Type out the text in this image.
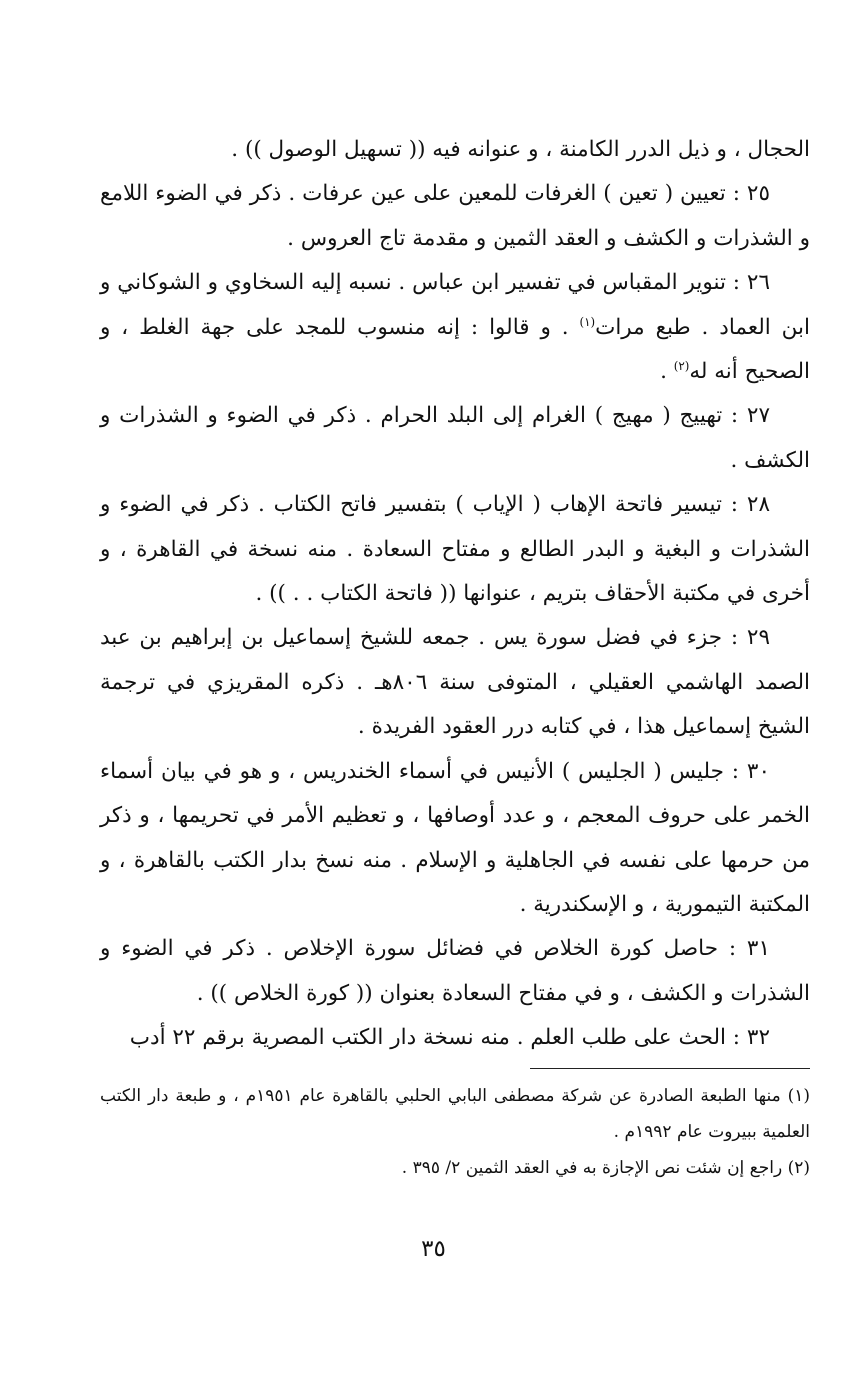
الحجال ، و ذيل الدرر الكامنة ، و عنوانه فيه (( تسهيل الوصول )) .

٢٥ : تعيين ( تعين ) الغرفات للمعين على عين عرفات . ذكر في الضوء اللامع و الشذرات و الكشف و العقد الثمين و مقدمة تاج العروس .

٢٦ : تنوير المقباس في تفسير ابن عباس . نسبه إليه السخاوي و الشوكاني و ابن العماد . طبع مرات$^{(١)}$ . و قالوا : إنه منسوب للمجد على جهة الغلط ، و الصحيح أنه له$^{(٢)}$ .

٢٧ : تهييج ( مهيج ) الغرام إلى البلد الحرام . ذكر في الضوء و الشذرات و الكشف .

٢٨ : تيسير فاتحة الإهاب ( الإياب ) بتفسير فاتح الكتاب . ذكر في الضوء و الشذرات و البغية و البدر الطالع و مفتاح السعادة . منه نسخة في القاهرة ، و أخرى في مكتبة الأحقاف بتريم ، عنوانها (( فاتحة الكتاب . . )) .

٢٩ : جزء في فضل سورة يس . جمعه للشيخ إسماعيل بن إبراهيم بن عبد الصمد الهاشمي العقيلي ، المتوفى سنة ٨٠٦هـ . ذكره المقريزي في ترجمة الشيخ إسماعيل هذا ، في كتابه درر العقود الفريدة .

٣٠ : جليس ( الجليس ) الأنيس في أسماء الخندريس ، و هو في بيان أسماء الخمر على حروف المعجم ، و عدد أوصافها ، و تعظيم الأمر في تحريمها ، و ذكر من حرمها على نفسه في الجاهلية و الإسلام . منه نسخ بدار الكتب بالقاهرة ، و المكتبة التيمورية ، و الإسكندرية .

٣١ : حاصل كورة الخلاص في فضائل سورة الإخلاص . ذكر في الضوء و الشذرات و الكشف ، و في مفتاح السعادة بعنوان (( كورة الخلاص )) .

٣٢ : الحث على طلب العلم . منه نسخة دار الكتب المصرية برقم ٢٢ أدب

(١) منها الطبعة الصادرة عن شركة مصطفى البابي الحلبي بالقاهرة عام ١٩٥١م ، و طبعة دار الكتب العلمية ببيروت عام ١٩٩٢م .

(٢) راجع إن شئت نص الإجازة به في العقد الثمين ٢/ ٣٩٥ .

٣٥
